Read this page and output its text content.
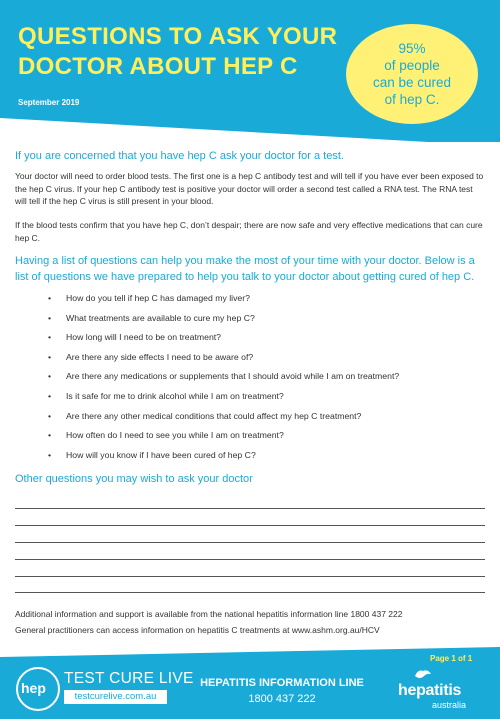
QUESTIONS TO ASK YOUR
DOCTOR ABOUT HEP C
September 2019
95%
of people
can be cured
of hep C.

If you are concerned that you have hep C ask your doctor for a test.

Your doctor will need to order blood tests. The first one is a hep C antibody test and will tell if you have ever been exposed to the hep C virus. If your hep C antibody test is positive your doctor will order a second test called a RNA test. The RNA test will tell if the hep C virus is still present in your blood.

If the blood tests confirm that you have hep C, don’t despair; there are now safe and very effective medications that can cure hep C.

Having a list of questions can help you make the most of your time with your doctor. Below is a list of questions we have prepared to help you talk to your doctor about getting cured of hep C.

• How do you tell if hep C has damaged my liver?
• What treatments are available to cure my hep C?
• How long will I need to be on treatment?
• Are there any side effects I need to be aware of?
• Are there any medications or supplements that I should avoid while I am on treatment?
• Is it safe for me to drink alcohol while I am on treatment?
• Are there any other medical conditions that could affect my hep C treatment?
• How often do I need to see you while I am on treatment?
• How will you know if I have been cured of hep C?

Other questions you may wish to ask your doctor

Additional information and support is available from the national hepatitis information line 1800 437 222

General practitioners can access information on hepatitis C treatments at www.ashm.org.au/HCV

hep
TEST CURE LIVE
testcurelive.com.au
HEPATITIS INFORMATION LINE
1800 437 222
Page 1 of 1
hepatitis
australia
